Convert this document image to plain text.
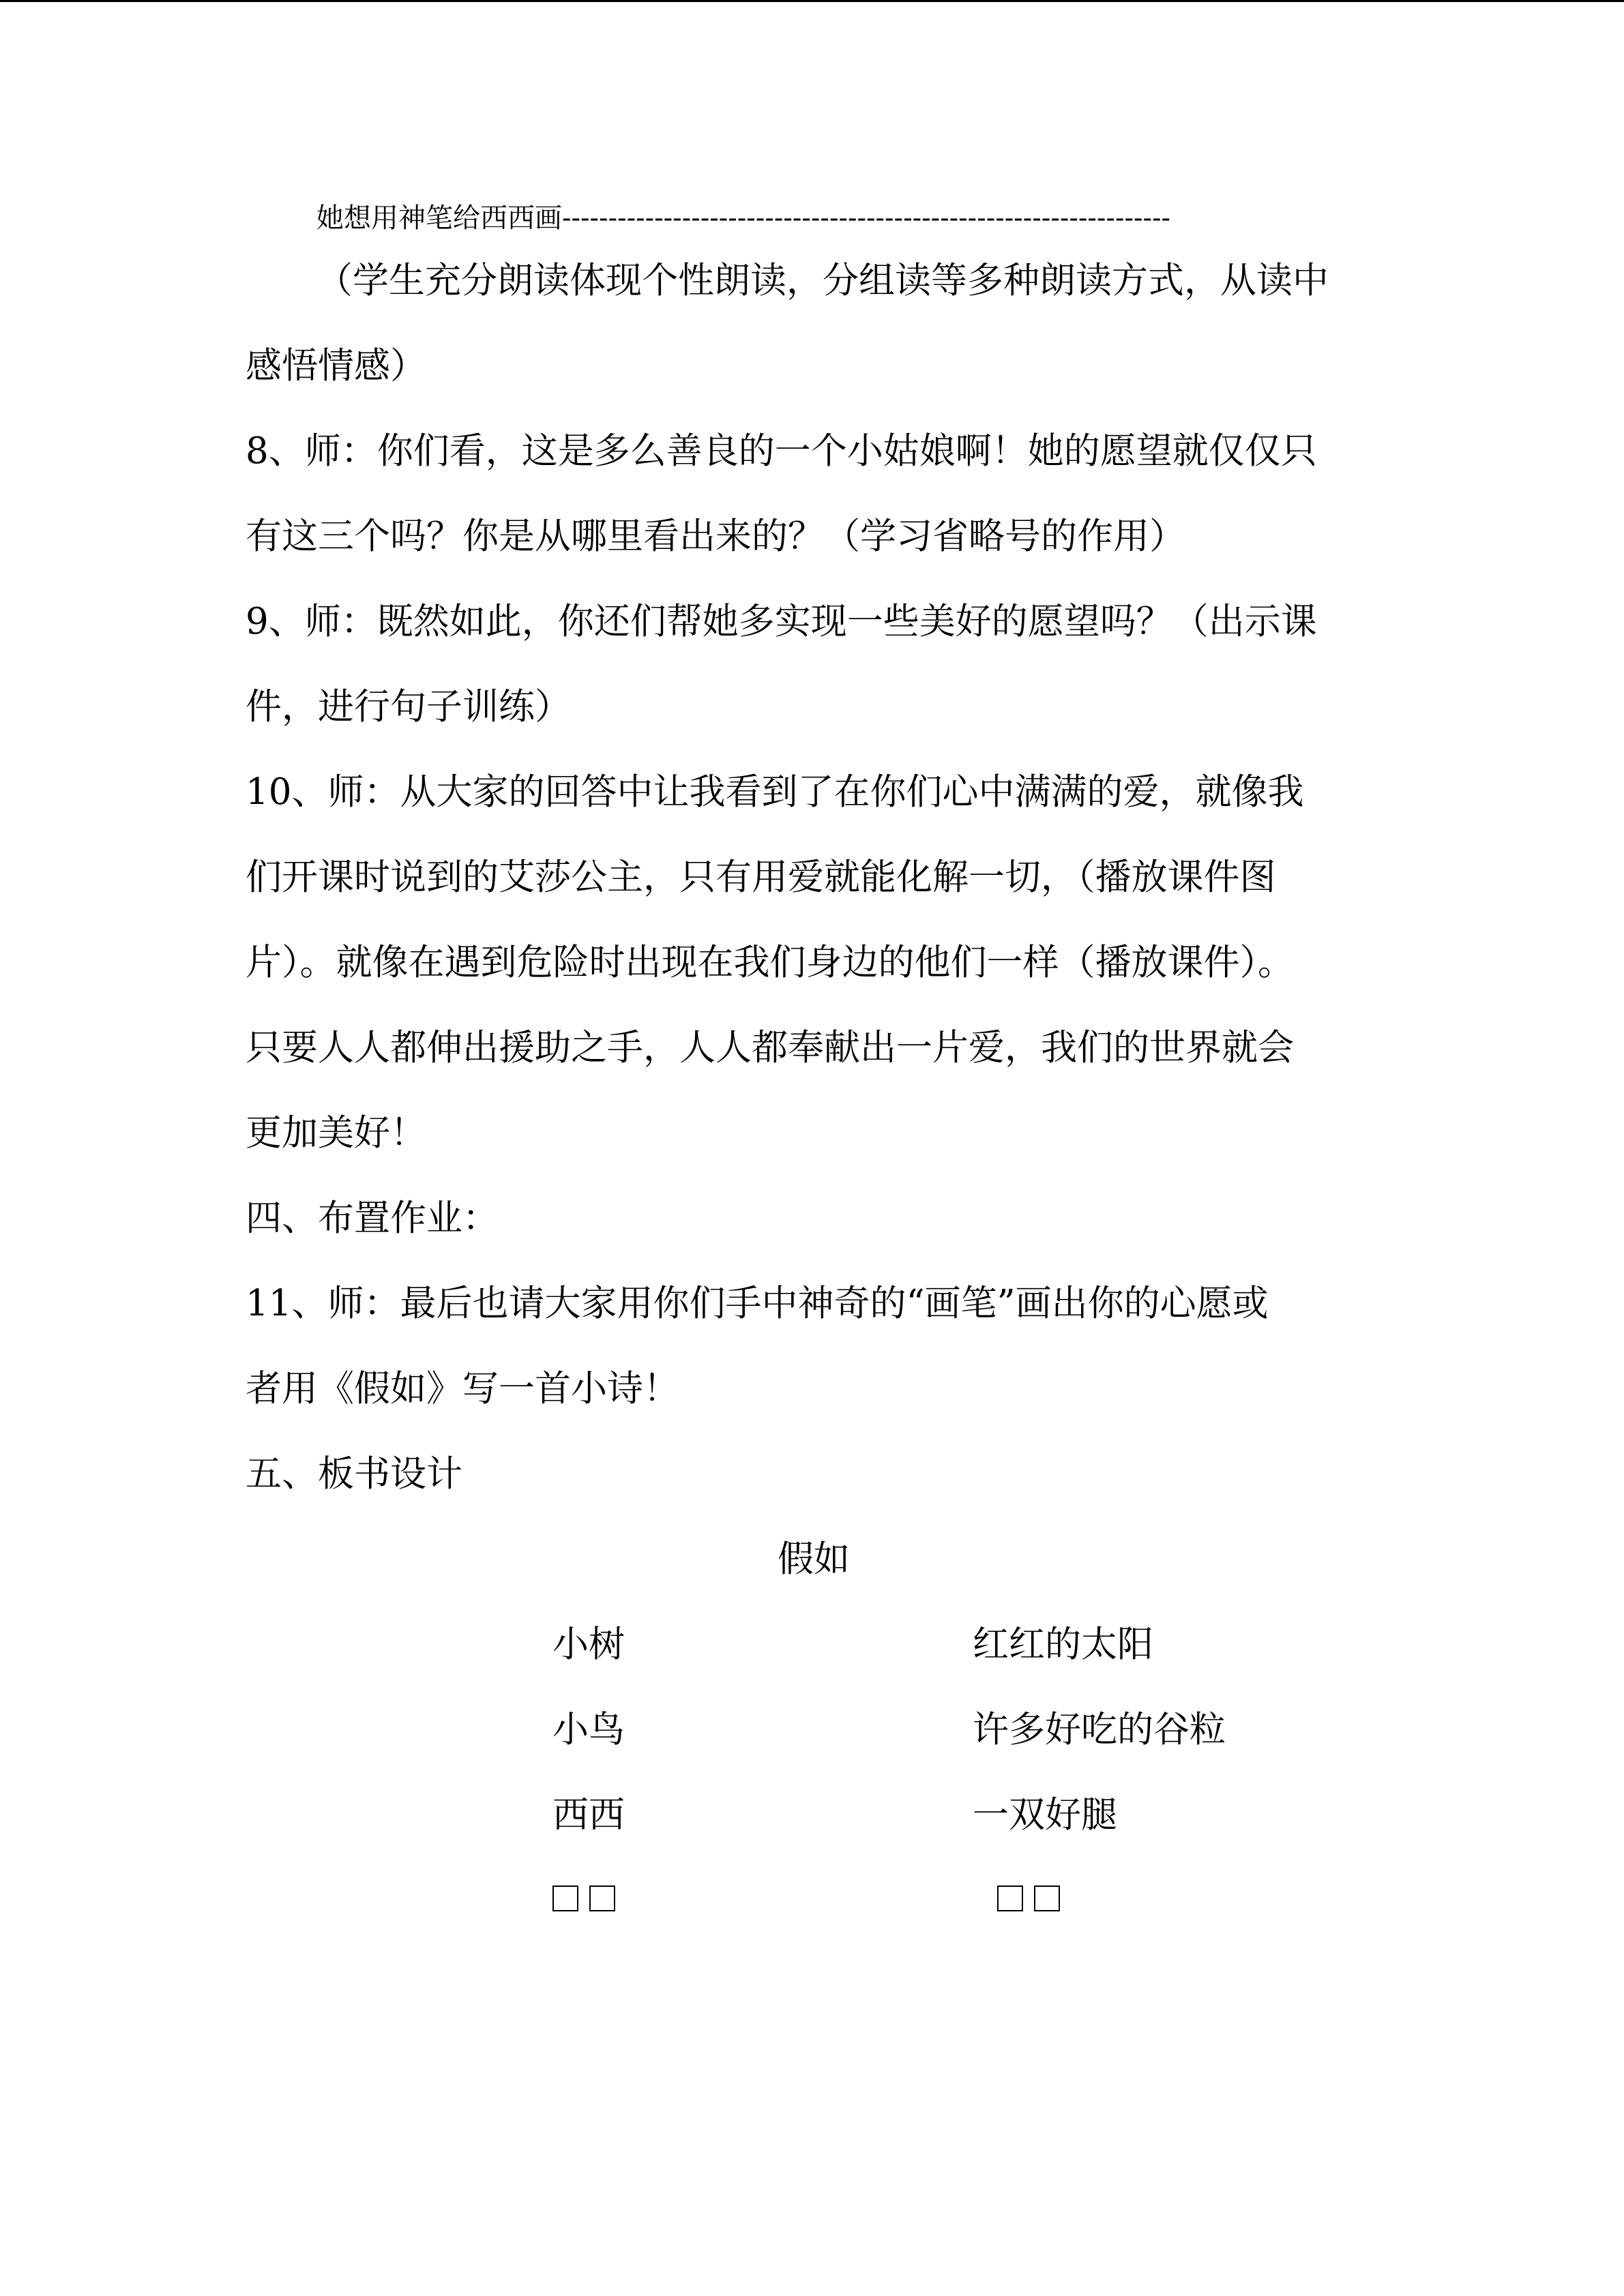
她想用神笔给西西画------------------------------------------------------------------
（学生充分朗读体现个性朗读，分组读等多种朗读方式，从读中
感悟情感）
8、师：你们看，这是多么善良的一个小姑娘啊！她的愿望就仅仅只
有这三个吗？你是从哪里看出来的？（学习省略号的作用）
9、师：既然如此，你还们帮她多实现一些美好的愿望吗？（出示课
件，进行句子训练）
10、师：从大家的回答中让我看到了在你们心中满满的爱，就像我
们开课时说到的艾莎公主，只有用爱就能化解一切，（播放课件图
片）。就像在遇到危险时出现在我们身边的他们一样（播放课件）。
只要人人都伸出援助之手，人人都奉献出一片爱，我们的世界就会
更加美好！
四、布置作业：
11、师：最后也请大家用你们手中神奇的“画笔”画出你的心愿或
者用《假如》写一首小诗！
五、板书设计
假如
小树	红红的太阳
小鸟	许多好吃的谷粒
西西	一双好腿
